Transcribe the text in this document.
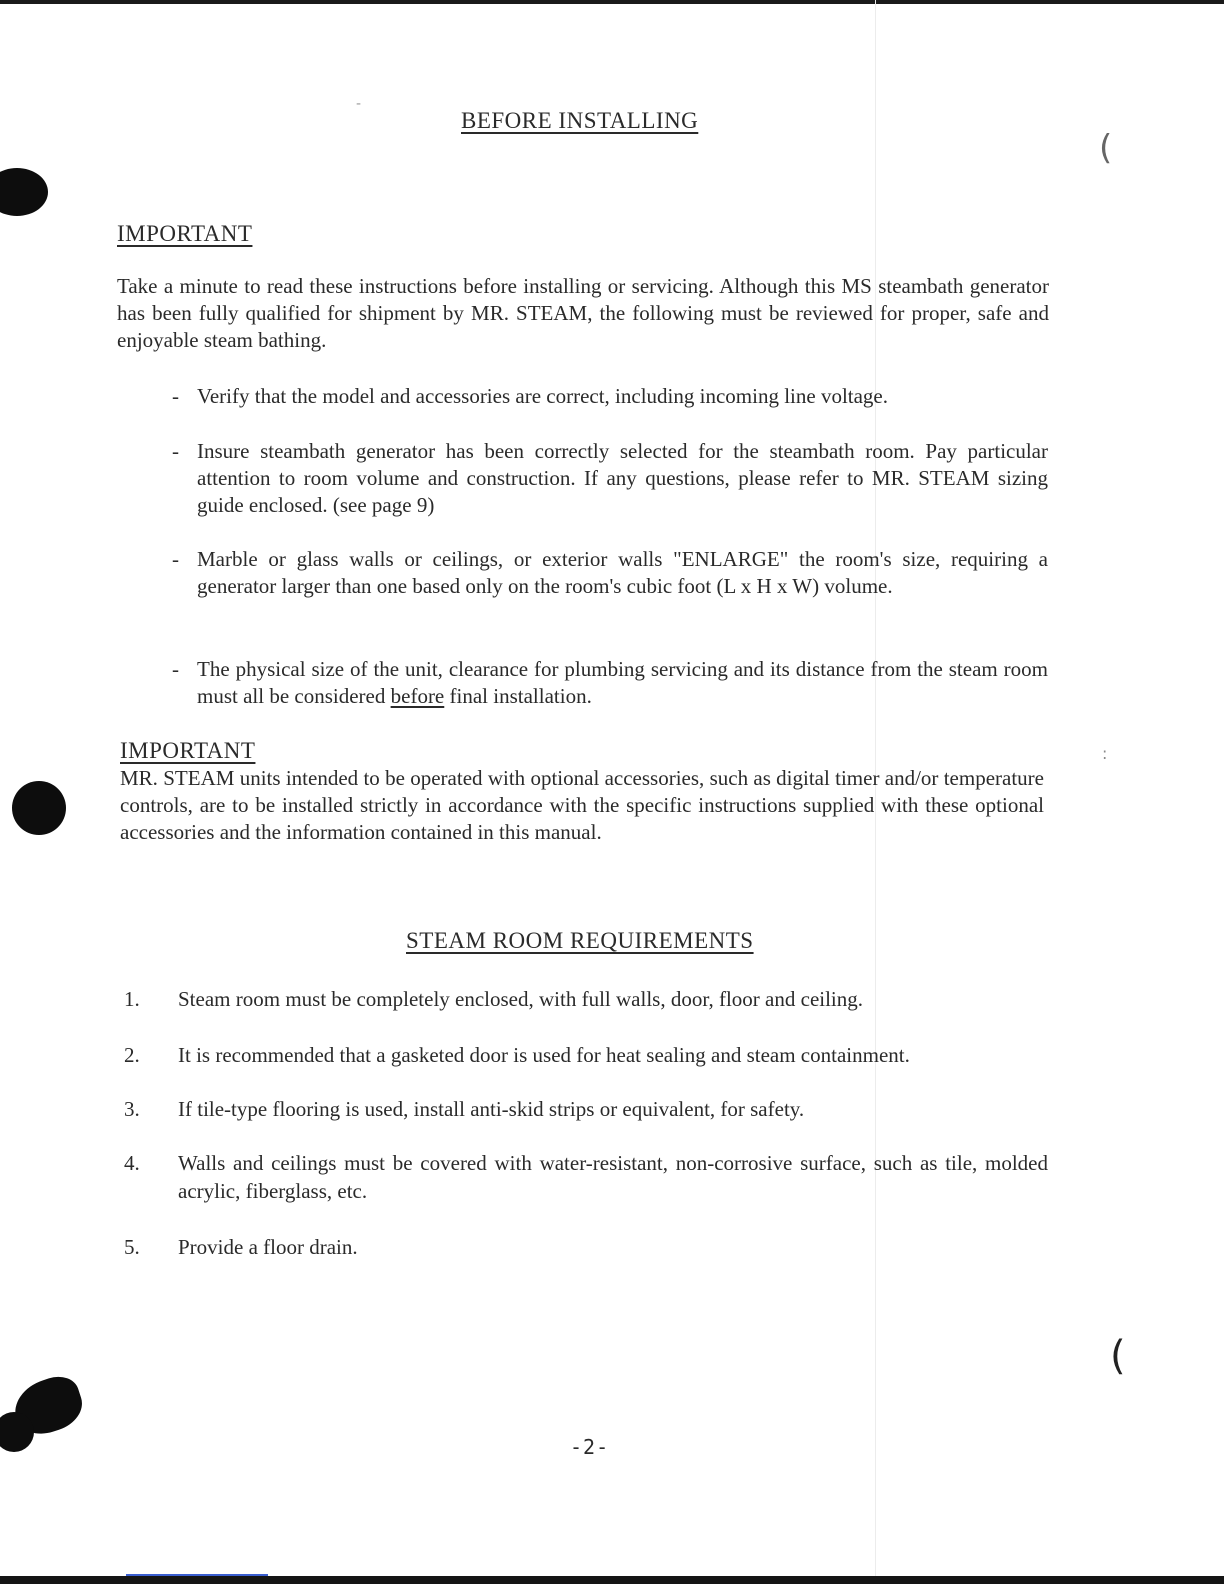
(
(
:
-
BEFORE INSTALLING
IMPORTANT
Take a minute to read these instructions before installing or servicing. Although this MS steambath generator has been fully qualified for shipment by MR. STEAM, the following must be reviewed for proper, safe and enjoyable steam bathing.
- Verify that the model and accessories are correct, including incoming line voltage.
- Insure steambath generator has been correctly selected for the steambath room. Pay particular attention to room volume and construction. If any questions, please refer to MR. STEAM sizing guide enclosed. (see page 9)
- Marble or glass walls or ceilings, or exterior walls "ENLARGE" the room's size, requiring a generator larger than one based only on the room's cubic foot (L x H x W) volume.
- The physical size of the unit, clearance for plumbing servicing and its distance from the steam room must all be considered before final installation.
IMPORTANT
MR. STEAM units intended to be operated with optional accessories, such as digital timer and/or temperature controls, are to be installed strictly in accordance with the specific instructions supplied with these optional accessories and the information contained in this manual.
STEAM ROOM REQUIREMENTS
1.	Steam room must be completely enclosed, with full walls, door, floor and ceiling.
2.	It is recommended that a gasketed door is used for heat sealing and steam containment.
3.	If tile-type flooring is used, install anti-skid strips or equivalent, for safety.
4.	Walls and ceilings must be covered with water-resistant, non-corrosive surface, such as tile, molded acrylic, fiberglass, etc.
5.	Provide a floor drain.
-2-
